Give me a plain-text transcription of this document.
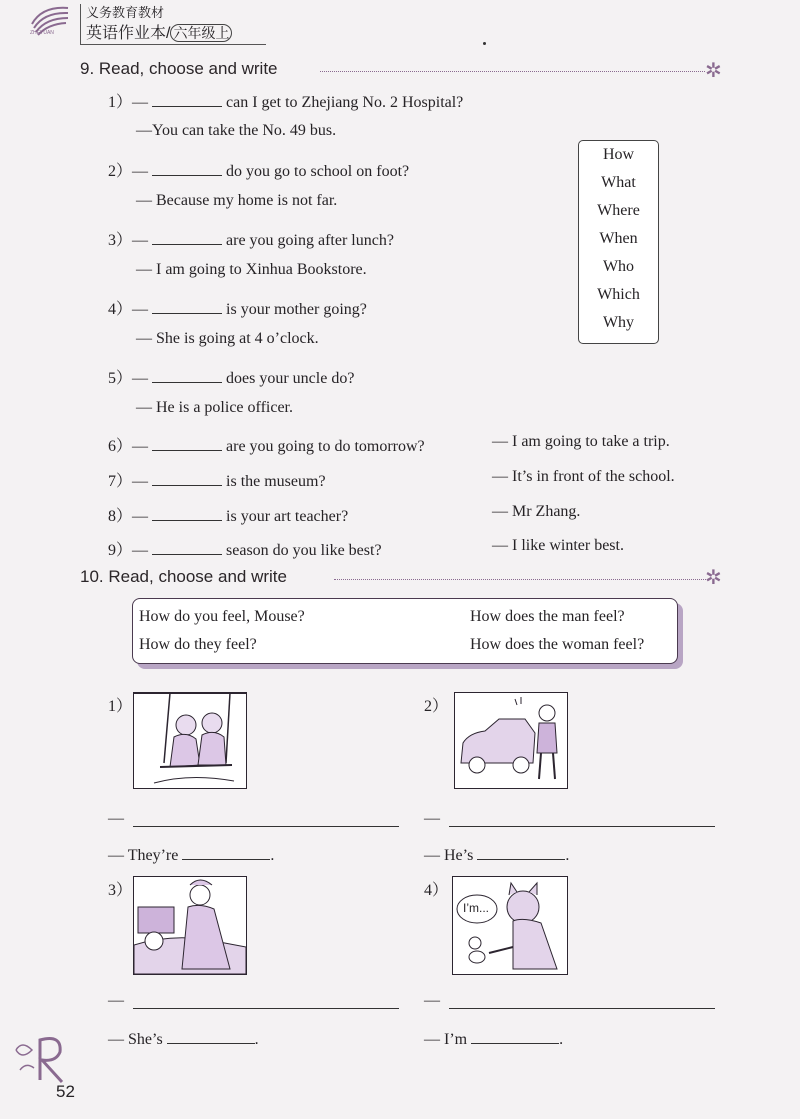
ZHEYUAN
义务教育教材
英语作业本/ 六年级上
9. Read, choose and write	✲
How
What
Where
When
Who
Which
Why
1）—	can I get to Zhejiang No. 2 Hospital?
—You can take the No. 49 bus.
2）—	do you go to school on foot?
— Because my home is not far.
3）—	are you going after lunch?
— I am going to Xinhua Bookstore.
4）—	is your mother going?
— She is going at 4 o’clock.
5）—	does your uncle do?
— He is a police officer.
6）—	are you going to do tomorrow?	— I am going to take a trip.
7）—	is the museum?	— It’s in front of the school.
8）—	is your art teacher?	— Mr Zhang.
9）—	season do you like best?	— I like winter best.
10. Read, choose and write	✲
How do you feel, Mouse?	How does the man feel?
How do they feel?	How does the woman feel?
1）	2）
—	—
— They’re	.	— He’s	.
3）	4）
I’m...
—	—
— She’s	.	— I’m	.
52
